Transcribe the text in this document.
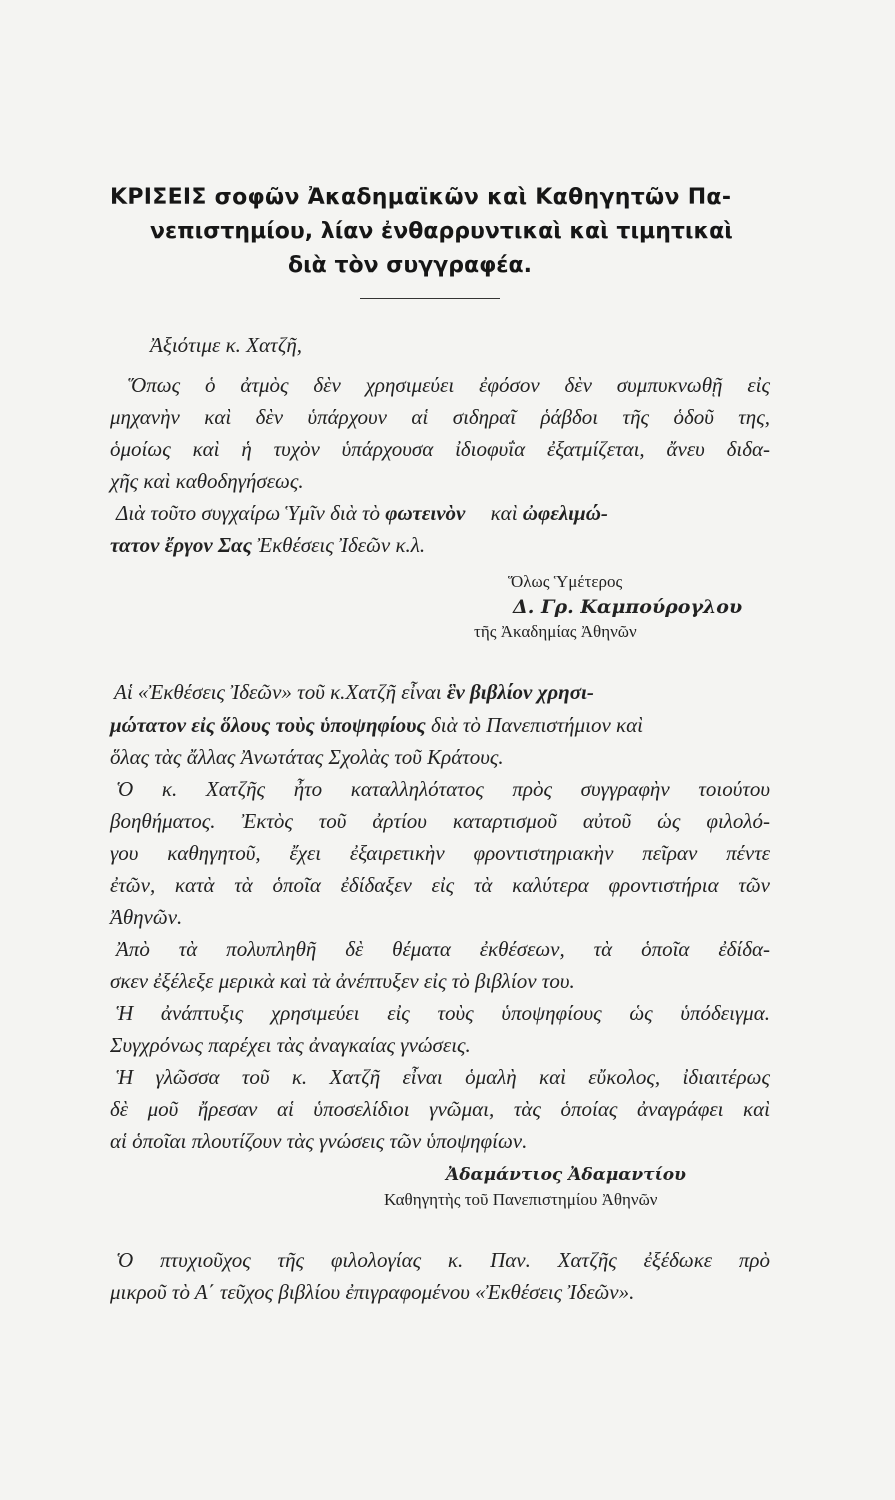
ΚΡΙΣΕΙΣ σοφῶν Ἀκαδημαϊκῶν καὶ Καθηγητῶν Πα-
νεπιστημίου, λίαν ἐνθαρρυντικαὶ καὶ τιμητικαὶ
διὰ τὸν συγγραφέα.
Ἀξιότιμε κ. Χατζῆ,
Ὅπως ὁ ἀτμὸς δὲν χρησιμεύει ἐφόσον δὲν συμπυκνωθῇ εἰς
μηχανὴν καὶ δὲν ὑπάρχουν αἱ σιδηραῖ ῥάβδοι τῆς ὁδοῦ της,
ὁμοίως καὶ ἡ τυχὸν ὑπάρχουσα ἰδιοφυΐα ἐξατμίζεται, ἄνευ διδα-
χῆς καὶ καθοδηγήσεως.
Διὰ τοῦτο συγχαίρω Ὑμῖν διὰ τὸ φωτεινὸν καὶ ὠφελιμώ-
τατον ἔργον Σας Ἐκθέσεις Ἰδεῶν κ.λ.
Ὅλως Ὑμέτερος
Δ. Γρ. Καμπούρογλου
τῆς Ἀκαδημίας Ἀθηνῶν
Αἱ «Ἐκθέσεις Ἰδεῶν» τοῦ κ.Χατζῆ εἶναι ἓν βιβλίον χρησι-
μώτατον εἰς ὅλους τοὺς ὑποψηφίους διὰ τὸ Πανεπιστήμιον καὶ
ὅλας τὰς ἄλλας Ἀνωτάτας Σχολὰς τοῦ Κράτους.
Ὁ κ. Χατζῆς ἦτο καταλληλότατος πρὸς συγγραφὴν τοιούτου
βοηθήματος. Ἐκτὸς τοῦ ἀρτίου καταρτισμοῦ αὐτοῦ ὡς φιλολό-
γου καθηγητοῦ, ἔχει ἐξαιρετικὴν φροντιστηριακὴν πεῖραν πέντε
ἐτῶν, κατὰ τὰ ὁποῖα ἐδίδαξεν εἰς τὰ καλύτερα φροντιστήρια τῶν
Ἀθηνῶν.
Ἀπὸ τὰ πολυπληθῆ δὲ θέματα ἐκθέσεων, τὰ ὁποῖα ἐδίδα-
σκεν ἐξέλεξε μερικὰ καὶ τὰ ἀνέπτυξεν εἰς τὸ βιβλίον του.
Ἡ ἀνάπτυξις χρησιμεύει εἰς τοὺς ὑποψηφίους ὡς ὑπόδειγμα.
Συγχρόνως παρέχει τὰς ἀναγκαίας γνώσεις.
Ἡ γλῶσσα τοῦ κ. Χατζῆ εἶναι ὁμαλὴ καὶ εὔκολος, ἰδιαιτέρως
δὲ μοῦ ἤρεσαν αἱ ὑποσελίδιοι γνῶμαι, τὰς ὁποίας ἀναγράφει καὶ
αἱ ὁποῖαι πλουτίζουν τὰς γνώσεις τῶν ὑποψηφίων.
Ἀδαμάντιος Ἀδαμαντίου
Καθηγητὴς τοῦ Πανεπιστημίου Ἀθηνῶν
Ὁ πτυχιοῦχος τῆς φιλολογίας κ. Παν. Χατζῆς ἐξέδωκε πρὸ
μικροῦ τὸ Α΄ τεῦχος βιβλίου ἐπιγραφομένου «Ἐκθέσεις Ἰδεῶν».
